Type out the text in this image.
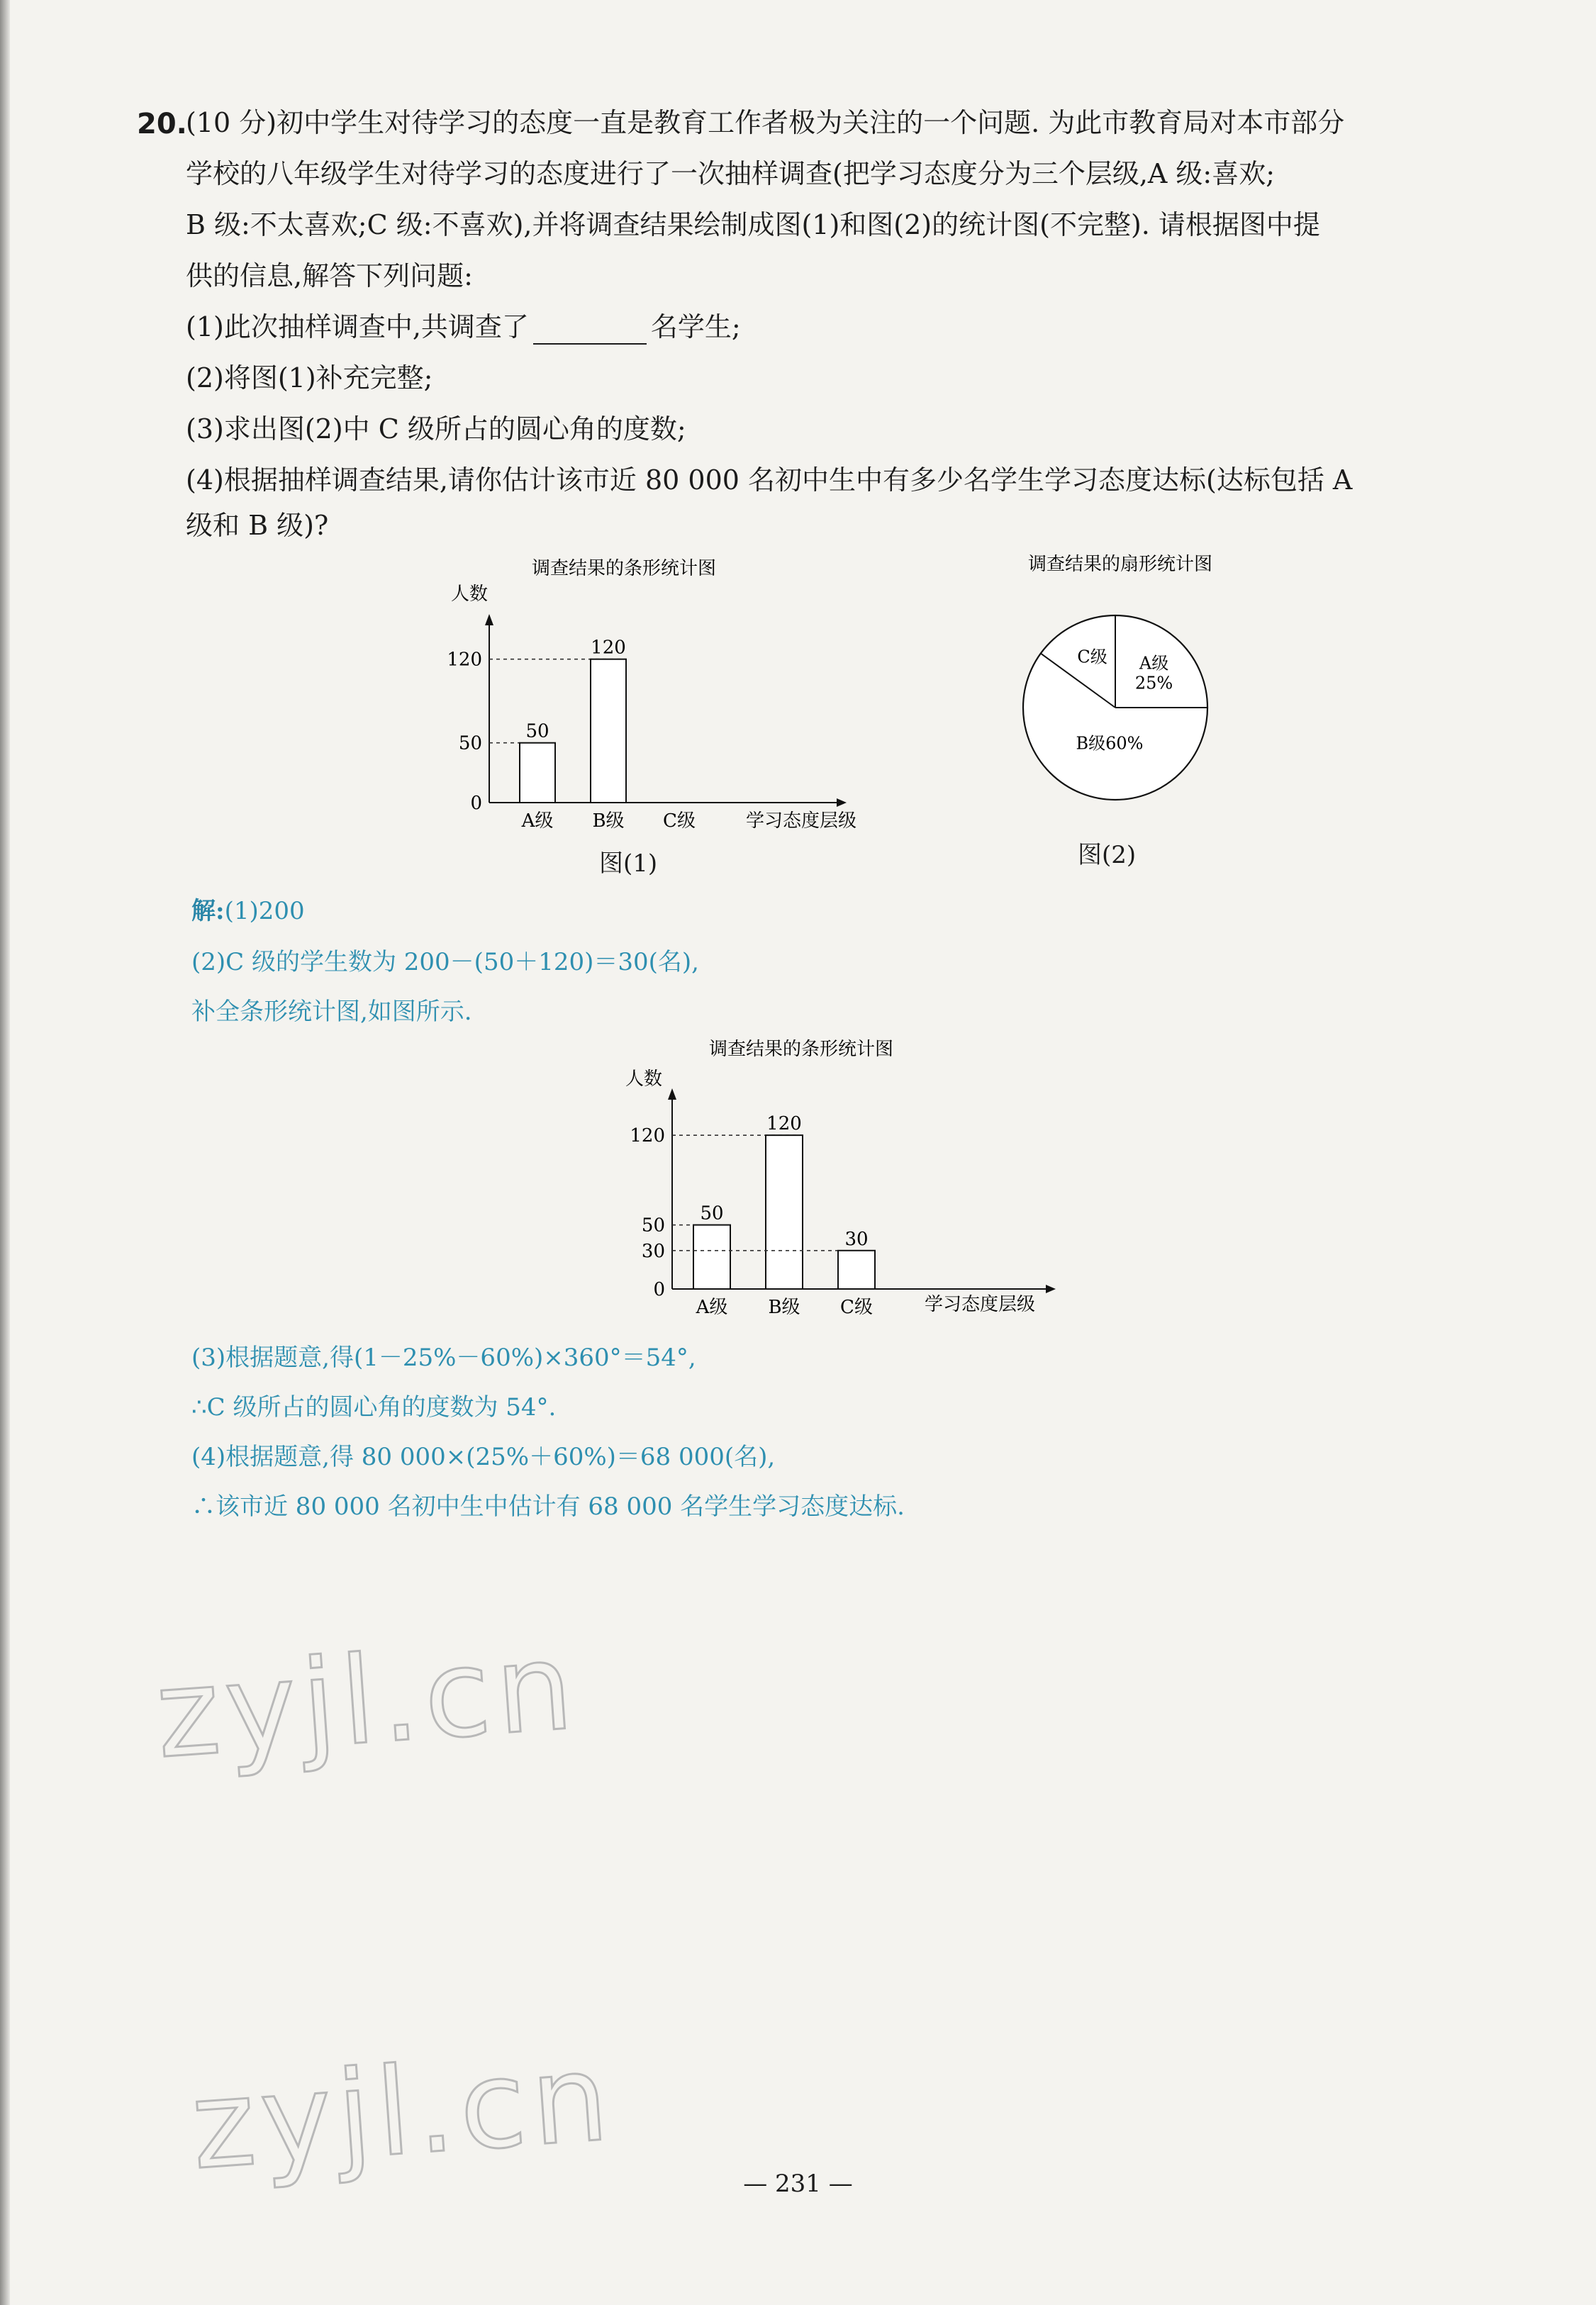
20.
(10 分)初中学生对待学习的态度一直是教育工作者极为关注的一个问题. 为此市教育局对本市部分
学校的八年级学生对待学习的态度进行了一次抽样调查(把学习态度分为三个层级,A 级:喜欢;
B 级:不太喜欢;C 级:不喜欢),并将调查结果绘制成图(1)和图(2)的统计图(不完整). 请根据图中提
供的信息,解答下列问题:
(1)此次抽样调查中,共调查了	名学生;
(2)将图(1)补充完整;
(3)求出图(2)中 C 级所占的圆心角的度数;
(4)根据抽样调查结果,请你估计该市近 80 000 名初中生中有多少名学生学习态度达标(达标包括 A
级和 B 级)?
调查结果的条形统计图
人数
学习态度层级
0
50
120
A级
50
B级
120
C级
图(1)
调查结果的扇形统计图
A级
25%
B级60%
C级
图(2)
解:(1)200
(2)C 级的学生数为 200－(50＋120)＝30(名),
补全条形统计图,如图所示.
调查结果的条形统计图
人数
学习态度层级
0
30
50
120
A级
50
B级
120
C级
30
(3)根据题意,得(1－25%－60%)×360°＝54°,
∴C 级所占的圆心角的度数为 54°.
(4)根据题意,得 80 000×(25%＋60%)＝68 000(名),
∴该市近 80 000 名初中生中估计有 68 000 名学生学习态度达标.
zyjl.cn
zyjl.cn	— 231 —
